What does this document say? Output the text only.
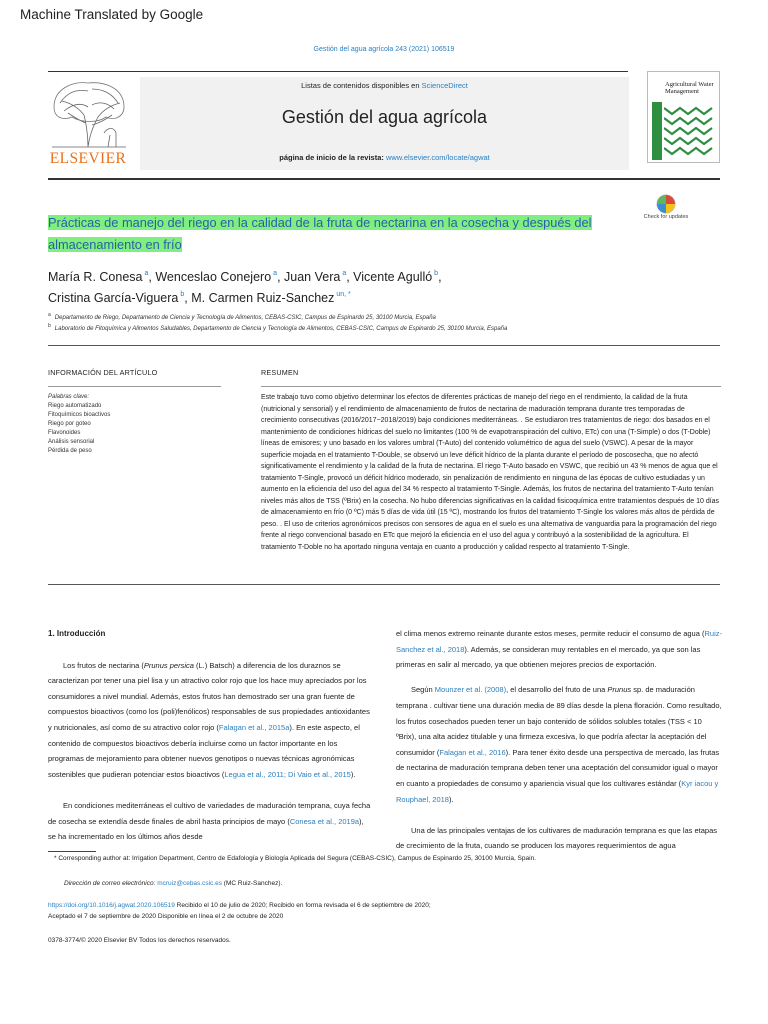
Machine Translated by Google
Gestión del agua agrícola 243 (2021) 106519
ELSEVIER
Listas de contenidos disponibles en ScienceDirect
Gestión del agua agrícola
página de inicio de la revista: www.elsevier.com/locate/agwat
Agricultural Water Management
Check for updates
Prácticas de manejo del riego en la calidad de la fruta de nectarina en la cosecha y después del almacenamiento en frío
María R. Conesa $^a$, Wenceslao Conejero $^a$, Juan Vera $^a$, Vicente Agulló $^b$,
Cristina García-Viguera $^b$, M. Carmen Ruiz-Sanchez $^{un, *}$
$^a$ Departamento de Riego, Departamento de Ciencia y Tecnología de Alimentos, CEBAS-CSIC, Campus de Espinardo 25, 30100 Murcia, España
$^b$ Laboratorio de Fitoquímica y Alimentos Saludables, Departamento de Ciencia y Tecnología de Alimentos, CEBAS-CSIC, Campus de Espinardo 25, 30100 Murcia, España
INFORMACIÓN DEL ARTÍCULO	RESUMEN
Palabras clave:
Riego automatizado
Fitoquímicos bioactivos
Riego por goteo
Flavonoides
Análisis sensorial
Pérdida de peso
Este trabajo tuvo como objetivo determinar los efectos de diferentes prácticas de manejo del riego en el rendimiento, la calidad de la fruta (nutricional y sensorial) y el rendimiento de almacenamiento de frutos de nectarina de maduración temprana durante tres temporadas de crecimiento consecutivas (2016/2017−2018/2019) bajo condiciones mediterráneas. . Se estudiaron tres tratamientos de riego: dos basados en el mantenimiento de condiciones hídricas del suelo no limitantes (100 % de evapotranspiración del cultivo, ETc) con una (T-Simple) o dos (T-Doble) líneas de emisores; y uno basado en los valores umbral (T-Auto) del contenido volumétrico de agua del suelo (VSWC). A pesar de la mayor superficie mojada en el tratamiento T-Double, se observó un leve déficit hídrico de la planta durante el período de poscosecha, que no afectó significativamente el rendimiento y la calidad de la fruta de nectarina. El riego T-Auto basado en VSWC, que recibió un 43 % menos de agua que el tratamiento T-Single, provocó un déficit hídrico moderado, sin penalización de rendimiento en ninguna de las épocas de cultivo estudiadas y un aumento en la eficiencia del uso del agua del 34 % respecto al tratamiento T-Single. Además, los frutos de nectarina del tratamiento T-Auto tenían niveles más altos de TSS (ºBrix) en la cosecha. No hubo diferencias significativas en la calidad fisicoquímica entre tratamientos después de 10 días de almacenamiento en frío (0 ºC) más 5 días de vida útil (15 ºC), mostrando los frutos del tratamiento T-Single los valores más altos de pérdida de peso. . El uso de criterios agronómicos precisos con sensores de agua en el suelo es una alternativa de vanguardia para la programación del riego frente al riego convencional basado en ETc que mejoró la eficiencia en el uso del agua y contribuyó a la sostenibilidad de la agricultura. El tratamiento T-Doble no ha aportado ninguna ventaja en cuanto a producción y calidad respecto al tratamiento T-Single.
1. Introducción
Los frutos de nectarina (Prunus persica (L.) Batsch) a diferencia de los duraznos se caracterizan por tener una piel lisa y un atractivo color rojo que los hace muy apreciados por los consumidores a nivel mundial. Además, estos frutos han demostrado ser una gran fuente de compuestos bioactivos (como los (poli)fenólicos) responsables de sus propiedades antioxidantes y nutricionales, así como de su atractivo color rojo (Falagan et al., 2015a). En este aspecto, el contenido de compuestos bioactivos debería incluirse como un factor importante en los programas de mejoramiento para obtener nuevos genotipos o nuevas técnicas agronómicas sostenibles que pudieran potenciar estos bioactivos (Legua et al., 2011; Di Vaio et al., 2015).
En condiciones mediterráneas el cultivo de variedades de maduración temprana, cuya fecha de cosecha se extendía desde finales de abril hasta principios de mayo (Conesa et al., 2019a), se ha incrementado en los últimos años desde
el clima menos extremo reinante durante estos meses, permite reducir el consumo de agua (Ruiz-Sanchez et al., 2018). Además, se consideran muy rentables en el mercado, ya que son las primeras en salir al mercado, ya que obtienen mejores precios de exportación.
Según Mounzer et al. (2008), el desarrollo del fruto de una Prunus sp. de maduración temprana . cultivar tiene una duración media de 89 días desde la plena floración. Como resultado, los frutos cosechados pueden tener un bajo contenido de sólidos solubles totales (TSS < 10 ºBrix), una alta acidez titulable y una firmeza excesiva, lo que podría afectar la aceptación del consumidor (Falagan et al., 2016). Para tener éxito desde una perspectiva de mercado, las frutas de nectarina de maduración temprana deben tener una aceptación del consumidor igual o mayor en cuanto a propiedades de consumo y apariencia visual que los cultivares estándar (Kyr iacou y Rouphael, 2018).
Una de las principales ventajas de los cultivares de maduración temprana es que las etapas de crecimiento de la fruta, cuando se producen los mayores requerimientos de agua
* Corresponding author at: Irrigation Department, Centro de Edafología y Biología Aplicada del Segura (CEBAS-CSIC), Campus de Espinardo 25, 30100 Murcia, Spain.
Dirección de correo electrónico: mcruiz@cebas.csic.es (MC Ruiz-Sanchez).
https://doi.org/10.1016/j.agwat.2020.106519 Recibido el 10 de julio de 2020; Recibido en forma revisada el 6 de septiembre de 2020; Aceptado el 7 de septiembre de 2020 Disponible en línea el 2 de octubre de 2020
0378-3774/© 2020 Elsevier BV Todos los derechos reservados.
